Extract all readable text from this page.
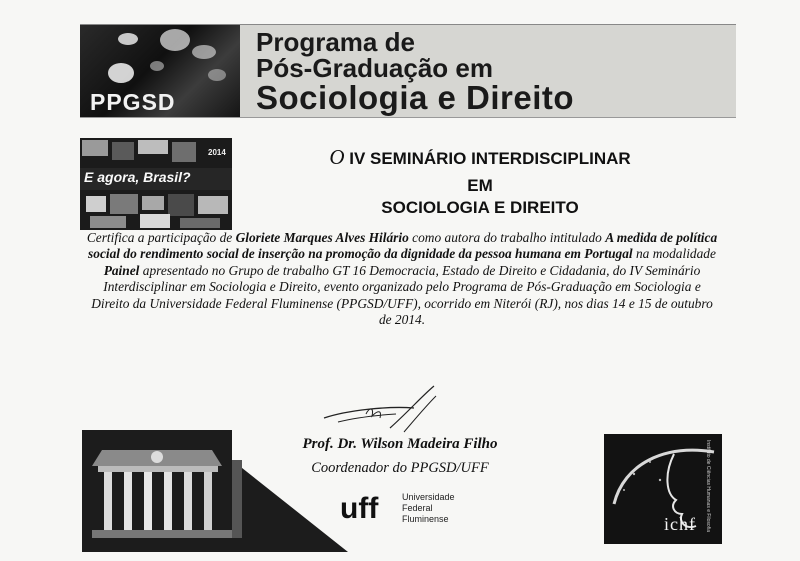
PPGSD
Programa de
Pós-Graduação em
Sociologia e Direito
E agora, Brasil?
2014	O IV SEMINÁRIO INTERDISCIPLINAR
EM
SOCIOLOGIA E DIREITO
Certifica a participação de Gloriete Marques Alves Hilário como autora do trabalho intitulado A medida de política social do rendimento social de inserção na promoção da dignidade da pessoa humana em Portugal na modalidade Painel apresentado no Grupo de trabalho GT 16 Democracia, Estado de Direito e Cidadania, do IV Seminário Interdisciplinar em Sociologia e Direito, evento organizado pelo Programa de Pós-Graduação em Sociologia e Direito da Universidade Federal Fluminense (PPGSD/UFF), ocorrido em Niterói (RJ), nos dias 14 e 15 de outubro de 2014.
Prof. Dr. Wilson Madeira Filho
Coordenador do PPGSD/UFF
uff	Universidade
Federal
Fluminense	Instituto de Ciências Humanas e Filosofia
ichf
